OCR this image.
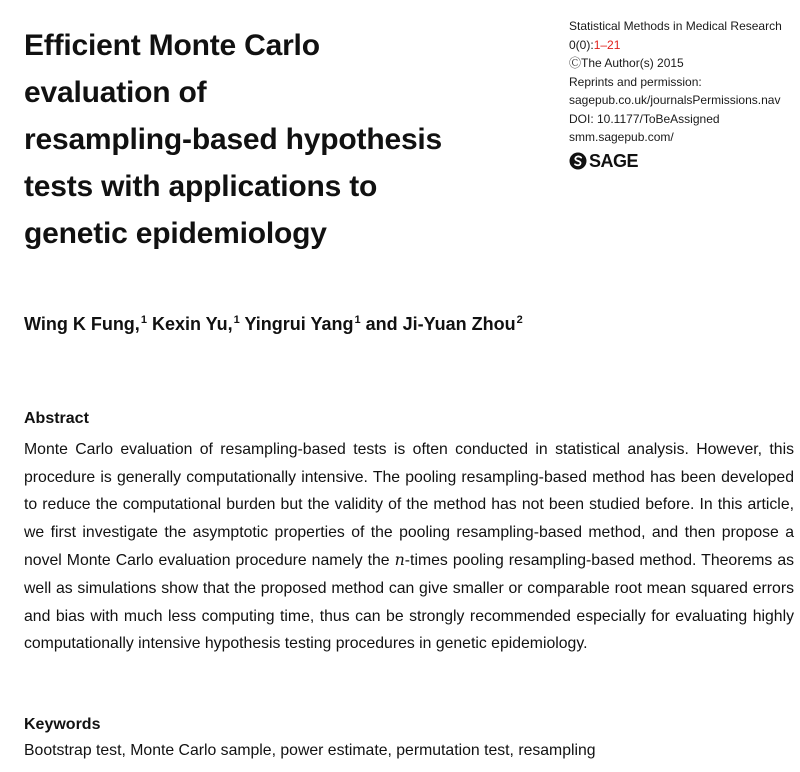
Efficient Monte Carlo
evaluation of
resampling-based hypothesis
tests with applications to
genetic epidemiology
Statistical Methods in Medical Research
0(0):1–21
ⒸThe Author(s) 2015
Reprints and permission:
sagepub.co.uk/journalsPermissions.nav
DOI: 10.1177/ToBeAssigned
smm.sagepub.com/
SAGE
Wing K Fung,$^1$ Kexin Yu,$^1$ Yingrui Yang$^1$ and Ji-Yuan Zhou$^2$
Abstract

Monte Carlo evaluation of resampling-based tests is often conducted in statistical analysis. However, this procedure is generally computationally intensive. The pooling resampling-based method has been developed to reduce the computational burden but the validity of the method has not been studied before. In this article, we first investigate the asymptotic properties of the pooling resampling-based method, and then propose a novel Monte Carlo evaluation procedure namely the n-times pooling resampling-based method. Theorems as well as simulations show that the proposed method can give smaller or comparable root mean squared errors and bias with much less computing time, thus can be strongly recommended especially for evaluating highly computationally intensive hypothesis testing procedures in genetic epidemiology.

Keywords
Bootstrap test, Monte Carlo sample, power estimate, permutation test, resampling
